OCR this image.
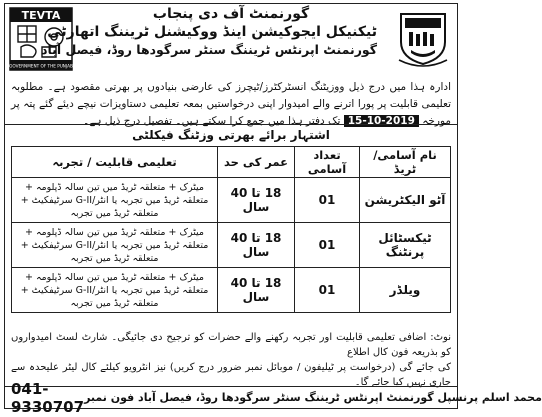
TEVTA
GOVERNMENT OF THE PUNJAB
گورنمنٹ آف دی پنجاب
ٹیکنیکل ایجوکیشن اینڈ ووکیشنل ٹریننگ اتھارٹی
گورنمنٹ اپرنٹس ٹریننگ سنٹر سرگودھا روڈ، فیصل آباد
ادارہ ہذا میں درج ذیل ووزیٹنگ انسٹرکٹرز/ٹیچرز کی عارضی بنیادوں پر بھرتی مقصود ہے۔ مطلوبہ تعلیمی قابلیت پر پورا اترنے والے امیدوار اپنی درخواستیں بمعہ تعلیمی دستاویزات نیچے دیئے گئے پتہ پر مورخہ 15-10-2019 تک دفتر ہذا میں جمع کرا سکتے ہیں۔ تفصیل درج ذیل ہے۔
اشتہار برائے بھرتی وزٹنگ فیکلٹی
نام آسامی/ٹریڈ	تعداد آسامی	عمر کی حد	تعلیمی قابلیت / تجربہ
آٹو الیکٹریشن	01	18 تا 40 سال	میٹرک + متعلقہ ٹریڈ میں تین سالہ ڈپلومہ + متعلقہ ٹریڈ میں تجربہ یا انٹر/G-II سرٹیفکیٹ + متعلقہ ٹریڈ میں تجربہ
ٹیکسٹائل پرنٹنگ	01	18 تا 40 سال	میٹرک + متعلقہ ٹریڈ میں تین سالہ ڈپلومہ + متعلقہ ٹریڈ میں تجربہ یا انٹر/G-II سرٹیفکیٹ + متعلقہ ٹریڈ میں تجربہ
ویلڈر	01	18 تا 40 سال	میٹرک + متعلقہ ٹریڈ میں تین سالہ ڈپلومہ + متعلقہ ٹریڈ میں تجربہ یا انٹر/G-II سرٹیفکیٹ + متعلقہ ٹریڈ میں تجربہ
نوٹ: اضافی تعلیمی قابلیت اور تجربہ رکھنے والے حضرات کو ترجیح دی جائیگی۔ شارٹ لسٹ امیدواروں کو بذریعہ فون کال اطلاع
کی جائے گی (درخواست پر ٹیلیفون / موبائل نمبر ضرور درج کریں) نیز انٹرویو کیلئے کال لیٹر علیحدہ سے جاری نہیں کیا جائے گا۔
041-9330707 محمد اسلم پرنسپل گورنمنٹ اپرنٹس ٹریننگ سنٹر سرگودھا روڈ، فیصل آباد فون نمبر
